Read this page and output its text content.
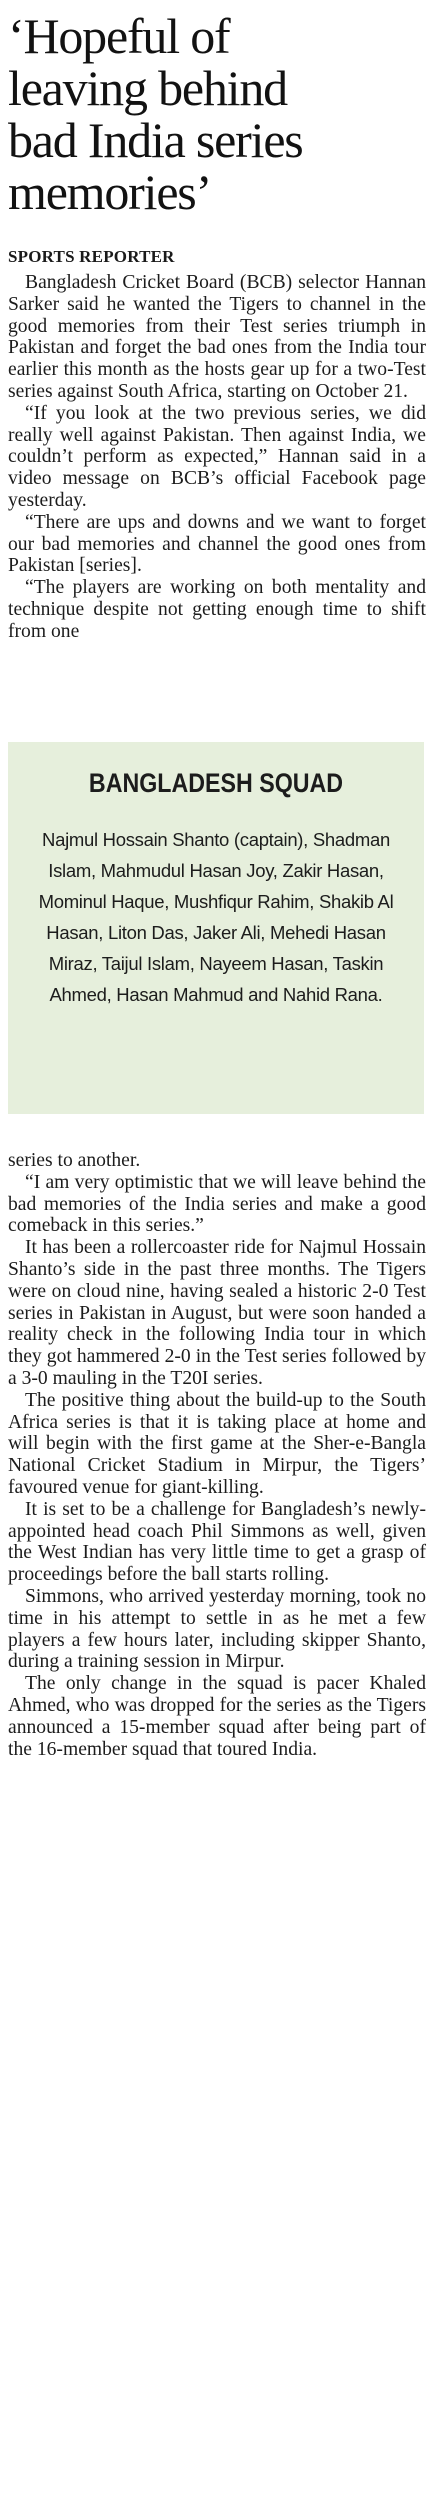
‘Hopeful of
leaving behind
bad India series
memories’
SPORTS REPORTER

Bangladesh Cricket Board (BCB) selector Hannan Sarker said he wanted the Tigers to channel in the good memories from their Test series triumph in Pakistan and forget the bad ones from the India tour earlier this month as the hosts gear up for a two-Test series against South Africa, starting on October 21.

“If you look at the two previous series, we did really well against Pakistan. Then against India, we couldn’t perform as expected,” Hannan said in a video message on BCB’s official Facebook page yesterday.

“There are ups and downs and we want to forget our bad memories and channel the good ones from Pakistan [series].

“The players are working on both mentality and technique despite not getting enough time to shift from one

BANGLADESH SQUAD
Najmul Hossain Shanto (captain), Shadman Islam, Mahmudul Hasan Joy, Zakir Hasan, Mominul Haque, Mushfiqur Rahim, Shakib Al Hasan, Liton Das, Jaker Ali, Mehedi Hasan Miraz, Taijul Islam, Nayeem Hasan, Taskin Ahmed, Hasan Mahmud and Nahid Rana.

series to another.

“I am very optimistic that we will leave behind the bad memories of the India series and make a good comeback in this series.”

It has been a rollercoaster ride for Najmul Hossain Shanto’s side in the past three months. The Tigers were on cloud nine, having sealed a historic 2-0 Test series in Pakistan in August, but were soon handed a reality check in the following India tour in which they got hammered 2-0 in the Test series followed by a 3-0 mauling in the T20I series.

The positive thing about the build-up to the South Africa series is that it is taking place at home and will begin with the first game at the Sher-e-Bangla National Cricket Stadium in Mirpur, the Tigers’ favoured venue for giant-killing.

It is set to be a challenge for Bangladesh’s newly-appointed head coach Phil Simmons as well, given the West Indian has very little time to get a grasp of proceedings before the ball starts rolling.

Simmons, who arrived yesterday morning, took no time in his attempt to settle in as he met a few players a few hours later, including skipper Shanto, during a training session in Mirpur.

The only change in the squad is pacer Khaled Ahmed, who was dropped for the series as the Tigers announced a 15-member squad after being part of the 16-member squad that toured India.
